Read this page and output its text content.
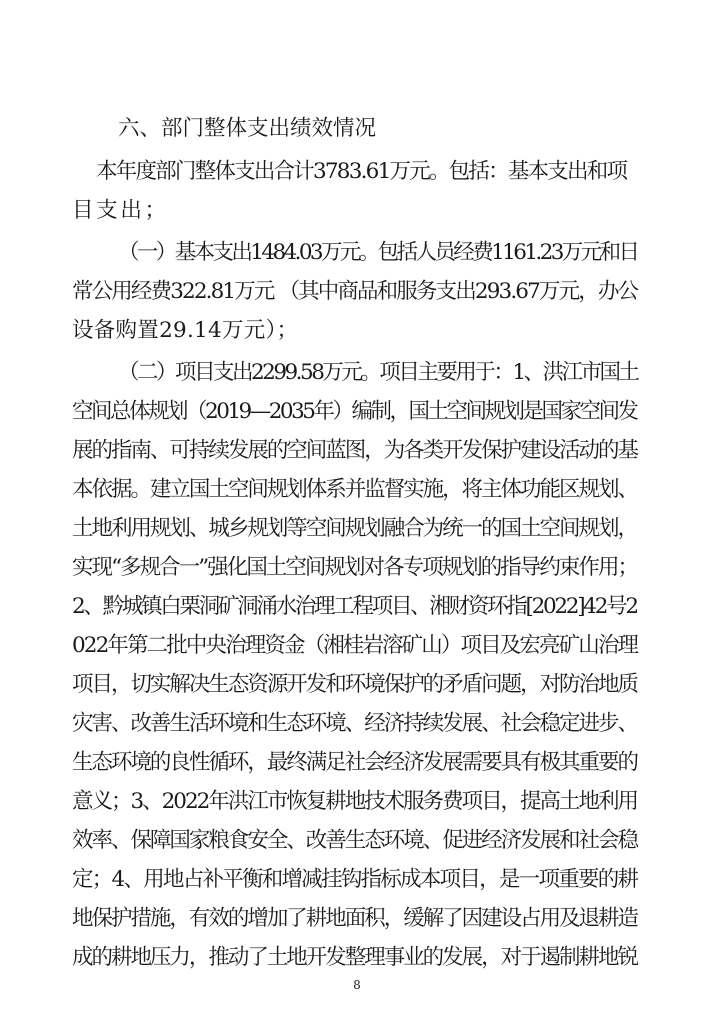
六、部门整体支出绩效情况
本年度部门整体支出合计3783.61万元。包括：基本支出和项
目支出；
（一）基本支出1484.03万元。包括人员经费1161.23万元和日
常公用经费322.81万元 （其中商品和服务支出293.67万元，办公
设备购置29.14万元）；
（二）项目支出2299.58万元。项目主要用于：1、洪江市国土
空间总体规划（2019—2035年）编制，国土空间规划是国家空间发
展的指南、可持续发展的空间蓝图，为各类开发保护建设活动的基
本依据。建立国土空间规划体系并监督实施，将主体功能区规划、
土地利用规划、城乡规划等空间规划融合为统一的国土空间规划，
实现“多规合一”强化国土空间规划对各专项规划的指导约束作用；
2、黔城镇白栗洞矿洞涌水治理工程项目、湘财资环指[2022]42号2
022年第二批中央治理资金（湘桂岩溶矿山）项目及宏亮矿山治理
项目，切实解决生态资源开发和环境保护的矛盾问题，对防治地质
灾害、改善生活环境和生态环境、经济持续发展、社会稳定进步、
生态环境的良性循环，最终满足社会经济发展需要具有极其重要的
意义；3、2022年洪江市恢复耕地技术服务费项目，提高土地利用
效率、保障国家粮食安全、改善生态环境、促进经济发展和社会稳
定；4、用地占补平衡和增减挂钩指标成本项目，是一项重要的耕
地保护措施，有效的增加了耕地面积，缓解了因建设占用及退耕造
成的耕地压力，推动了土地开发整理事业的发展，对于遏制耕地锐
8
